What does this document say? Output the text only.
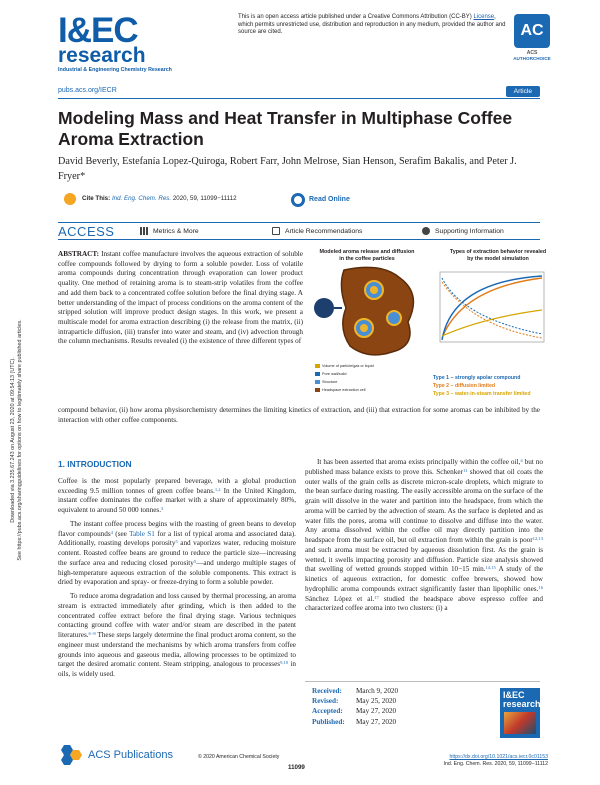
Downloaded via 3.235.67.243 on August 23, 2020 at 09:54:13 (UTC). See https://pubs.acs.org/sharingguidelines for options on how to legitimately share published articles.
I&EC
research
Industrial & Engineering Chemistry Research
This is an open access article published under a Creative Commons Attribution (CC-BY) License, which permits unrestricted use, distribution and reproduction in any medium, provided the author and source are cited.	AC
ACS
AUTHORCHOICE
pubs.acs.org/IECR	Article
Modeling Mass and Heat Transfer in Multiphase Coffee Aroma Extraction
David Beverly, Estefanía Lopez-Quiroga, Robert Farr, John Melrose, Sian Henson, Serafim Bakalis, and Peter J. Fryer*
Cite This: Ind. Eng. Chem. Res. 2020, 59, 11099−11112	Read Online
ACCESS	Metrics & More	Article Recommendations	Supporting Information
ABSTRACT: Instant coffee manufacture involves the aqueous extraction of soluble coffee compounds followed by drying to form a soluble powder. Loss of volatile aroma compounds during concentration through evaporation can lower product quality. One method of retaining aroma is to steam-strip volatiles from the coffee and add them back to a concentrated coffee solution before the final drying stage. A better understanding of the impact of process conditions on the aroma content of the stripped solution will improve product design stages. In this work, we present a multiscale model for aroma extraction describing (i) the release from the matrix, (ii) intraparticle diffusion, (iii) transfer into water and steam, and (iv) advection through the column mechanisms. Results revealed (i) the existence of three different types of
compound behavior, (ii) how aroma physisorchemistry determines the limiting kinetics of extraction, and (iii) that extraction for some aromas can be inhibited by the interaction with other coffee components.
Modeled aroma release and diffusion in the coffee particles
Types of extraction behavior revealed by the model simulation
Volume of particle/gas or liquid
Pore wall/solid
Structure
Headspace extraction cell
Type 1 − strongly apolar compound
Type 2 − diffusion limited
Type 3 − water-in-steam transfer limited
1. INTRODUCTION

Coffee is the most popularly prepared beverage, with a global production exceeding 9.5 million tonnes of green coffee beans.$^{1,2}$ In the United Kingdom, instant coffee dominates the coffee market with a share of approximately 80%, equivalent to around 50 000 tonnes.$^3$

The instant coffee process begins with the roasting of green beans to develop flavor compounds$^4$ (see Table S1 for a list of typical aroma and associated data). Additionally, roasting develops porosity$^5$ and vaporizes water, reducing moisture content. Roasted coffee beans are ground to reduce the particle size—increasing the surface area and reducing closed porosity$^5$—and undergo multiple stages of high-temperature aqueous extraction of the soluble components. This extract is dried by evaporation and spray- or freeze-drying to form a soluble powder.

To reduce aroma degradation and loss caused by thermal processing, an aroma stream is extracted immediately after grinding, which is then added to the concentrated coffee extract before the final drying stage. Various techniques contacting ground coffee with water and/or steam are described in the patent literatures.$^{6-8}$ These steps largely determine the final product aroma content, so the engineer must understand the mechanisms by which aroma transfers from coffee grounds into aqueous and gaseous media, allowing processes to be optimized to target the desired aromatic content. Steam stripping, analogous to processes$^{9,10}$ in oils, is widely used.

It has been asserted that aroma exists principally within the coffee oil,$^4$ but no published mass balance exists to prove this. Schenker$^{11}$ showed that oil coats the outer walls of the grain cells as discrete micron-scale droplets, which migrate to the bean surface during roasting. The easily accessible aroma on the surface of the grain will dissolve in the water and partition into the headspace, from which the aroma will be carried by the advection of steam. As the surface is depleted and as water fills the pores, aroma will continue to dissolve and diffuse into the water. Any aroma dissolved within the coffee oil may directly partition into the headspace from the surface oil, but oil extraction from within the grain is poor$^{12,13}$ and such aroma must be extracted by aqueous dissolution first. As the grain is wetted, it swells impacting porosity and diffusion. Particle size analysis showed that swelling of wetted grounds stopped within 10−15 min.$^{14,15}$ A study of the kinetics of aqueous extraction, for domestic coffee brewers, showed how hydrophilic aroma compounds extract significantly faster than lipophilic ones.$^{16}$ Sánchez López et al.$^{17}$ studied the headspace above espresso coffee and characterized coffee aroma into two clusters: (i) a

Received: March 9, 2020
Revised: May 25, 2020
Accepted: May 27, 2020
Published: May 27, 2020
I&EC research
ACS Publications	© 2020 American Chemical Society
11099
https://dx.doi.org/10.1021/acs.iecr.0c01153
Ind. Eng. Chem. Res. 2020, 59, 11099−11112
